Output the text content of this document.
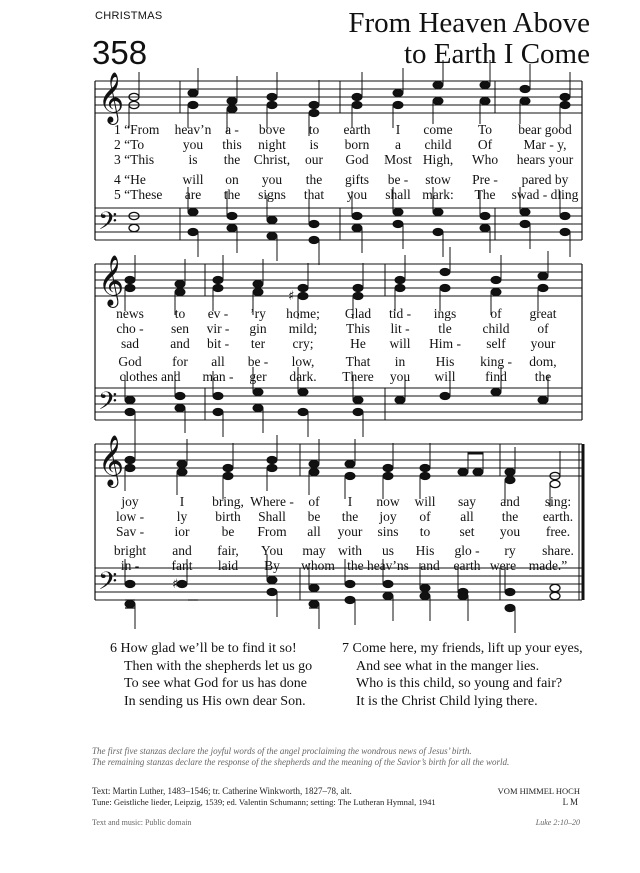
CHRISTMAS
358
From Heaven Above
to Earth I Come
𝄞
𝄢
𝄞
𝄢
𝄞
𝄢
♯
♯
1 “From heav’n a - bove to earth I come To bear good
2 “To	you this night is born a child Of Mar - y,
3 “This	is the Christ, our God Most High, Who hears your
4 “He	will on you the gifts be - stow Pre - pared by
5 “These are the signs that you shall mark: The swad - dling
news to ev - ’ry home; Glad tid - ings	of great
cho - sen vir - gin mild; This lit - tle child of
sad and bit - ter cry;	He will Him - self your
God for all be - low, That in His king - dom,
clothes and man - ger dark. There you will find the
joy	I bring, Where - of I now will say and sing:
low - ly birth Shall be the joy of all the earth.
Sav - ior be From all your sins to set you free.
bright and fair, You may with us His glo - ry share.
in - fant laid By whom the heav’ns and earth were made.”
6 How glad we’ll be to find it so!
Then with the shepherds let us go
To see what God for us has done
In sending us His own dear Son.
7 Come here, my friends, lift up your eyes,
And see what in the manger lies.
Who is this child, so young and fair?
It is the Christ Child lying there.
The first five stanzas declare the joyful words of the angel proclaiming the wondrous news of Jesus’ birth.
The remaining stanzas declare the response of the shepherds and the meaning of the Savior’s birth for all the world.
Text: Martin Luther, 1483–1546; tr. Catherine Winkworth, 1827–78, alt.
Tune: Geistliche lieder, Leipzig, 1539; ed. Valentin Schumann; setting: The Lutheran Hymnal, 1941
VOM HIMMEL HOCH
L M
Text and music: Public domain	Luke 2:10–20
